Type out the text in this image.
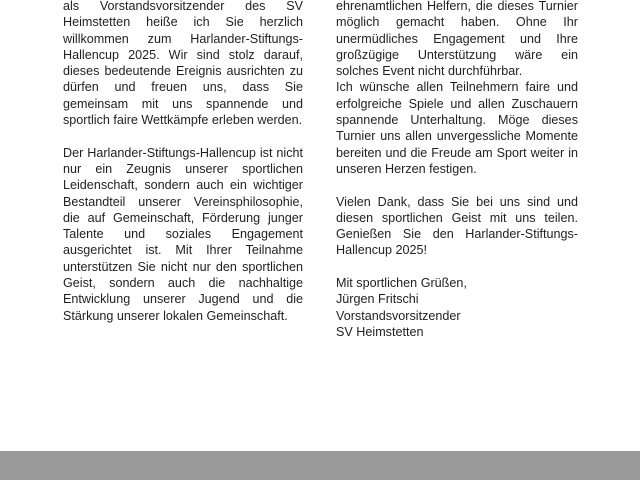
als Vorstandsvorsitzender des SV Heimstetten heiße ich Sie herzlich willkommen zum Harlander-Stiftungs-Hallencup 2025. Wir sind stolz darauf, dieses bedeutende Ereignis ausrichten zu dürfen und freuen uns, dass Sie gemeinsam mit uns spannende und sportlich faire Wettkämpfe erleben werden.

Der Harlander-Stiftungs-Hallencup ist nicht nur ein Zeugnis unserer sportlichen Leidenschaft, sondern auch ein wichtiger Bestandteil unserer Vereinsphilosophie, die auf Gemeinschaft, Förderung junger Talente und soziales Engagement ausgerichtet ist. Mit Ihrer Teilnahme unterstützen Sie nicht nur den sportlichen Geist, sondern auch die nachhaltige Entwicklung unserer Jugend und die Stärkung unserer lokalen Gemeinschaft.

ehrenamtlichen Helfern, die dieses Turnier möglich gemacht haben. Ohne Ihr unermüdliches Engagement und Ihre großzügige Unterstützung wäre ein solches Event nicht durchführbar.

Ich wünsche allen Teilnehmern faire und erfolgreiche Spiele und allen Zuschauern spannende Unterhaltung. Möge dieses Turnier uns allen unvergessliche Momente bereiten und die Freude am Sport weiter in unseren Herzen festigen.

Vielen Dank, dass Sie bei uns sind und diesen sportlichen Geist mit uns teilen. Genießen Sie den Harlander-Stiftungs-Hallencup 2025!

Mit sportlichen Grüßen,
Jürgen Fritschi
Vorstandsvorsitzender
SV Heimstetten
